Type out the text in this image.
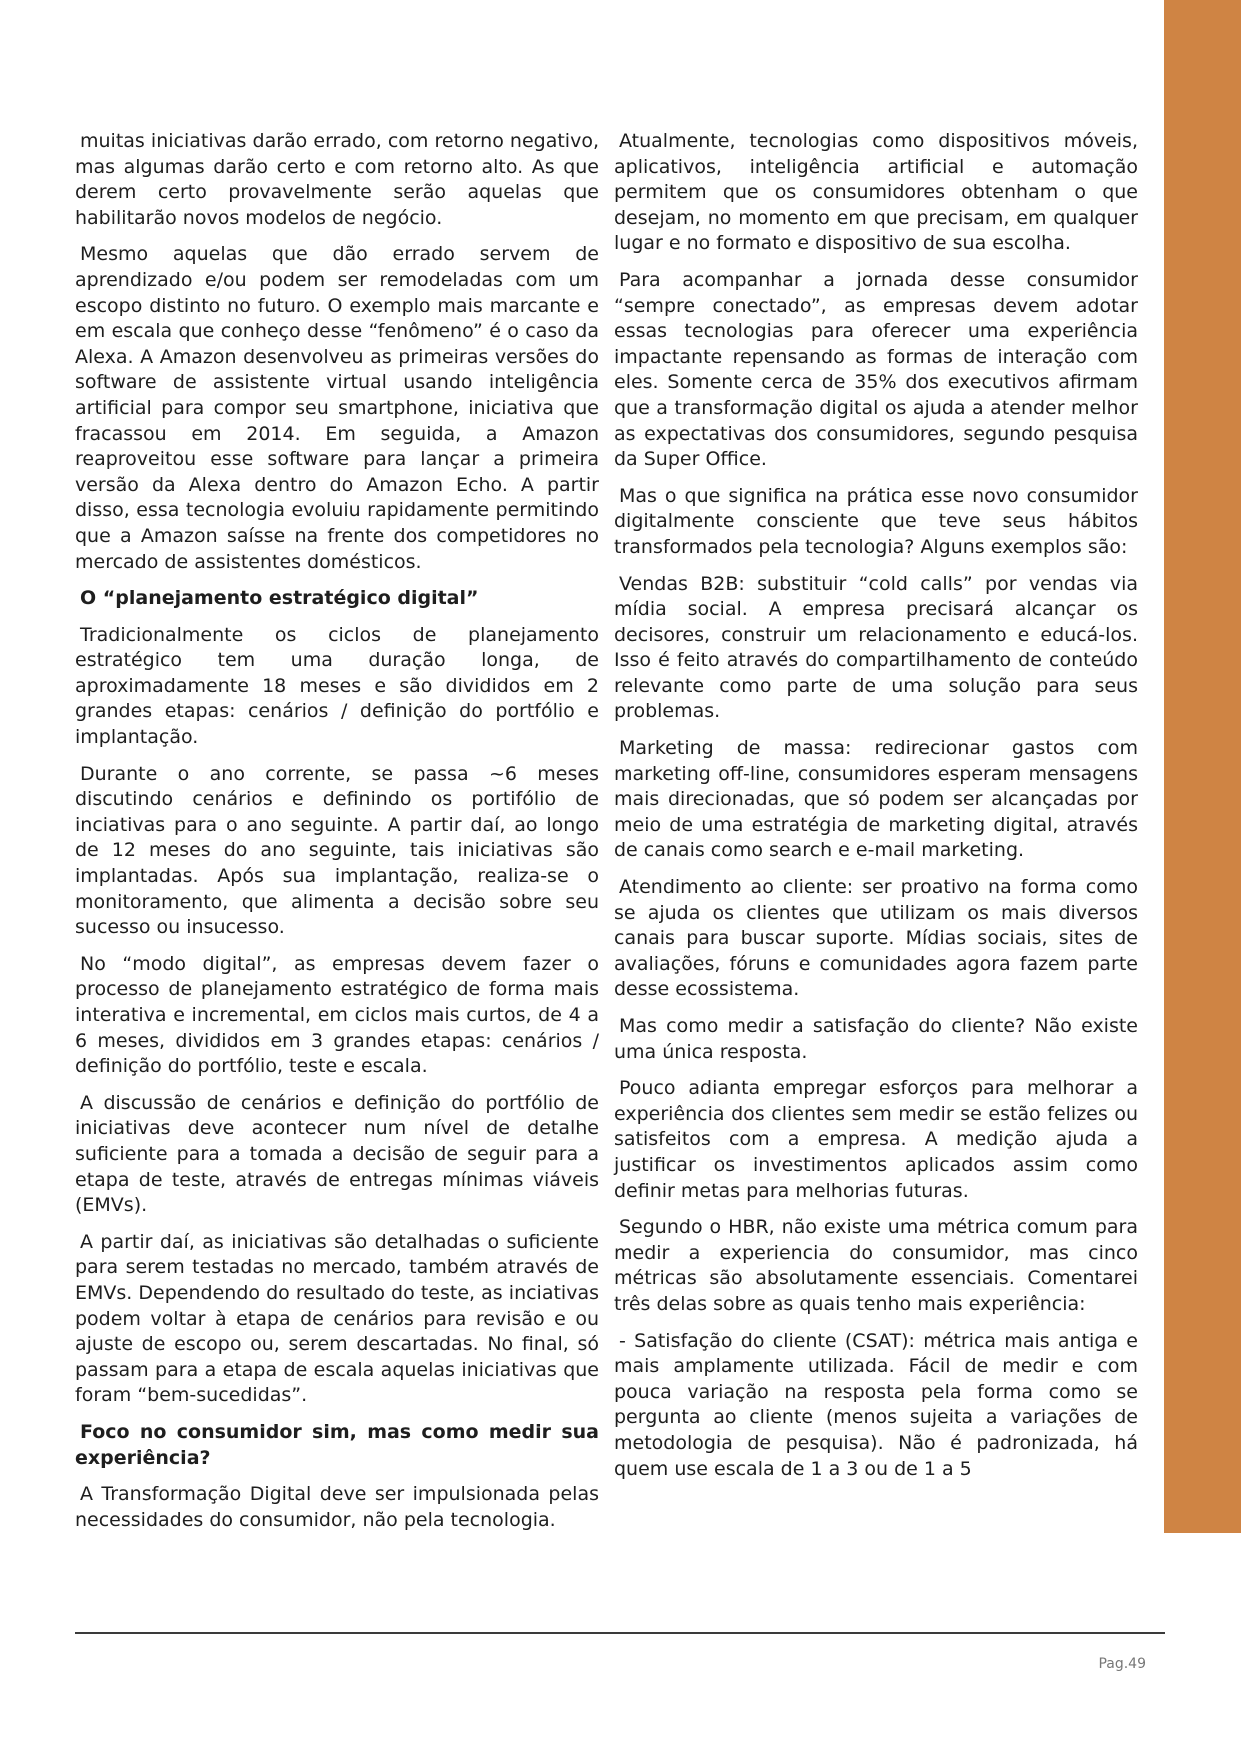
muitas iniciativas darão errado, com retorno negativo, mas algumas darão certo e com retorno alto. As que derem certo provavelmente serão aquelas que habilitarão novos modelos de negócio.

Mesmo aquelas que dão errado servem de aprendizado e/ou podem ser remodeladas com um escopo distinto no futuro. O exemplo mais marcante e em escala que conheço desse “fenômeno” é o caso da Alexa. A Amazon desenvolveu as primeiras versões do software de assistente virtual usando inteligência artificial para compor seu smartphone, iniciativa que fracassou em 2014. Em seguida, a Amazon reaproveitou esse software para lançar a primeira versão da Alexa dentro do Amazon Echo. A partir disso, essa tecnologia evoluiu rapidamente permitindo que a Amazon saísse na frente dos competidores no mercado de assistentes domésticos.

O “planejamento estratégico digital”

Tradicionalmente os ciclos de planejamento estratégico tem uma duração longa, de aproximadamente 18 meses e são divididos em 2 grandes etapas: cenários / definição do portfólio e implantação.

Durante o ano corrente, se passa ~6 meses discutindo cenários e definindo os portifólio de inciativas para o ano seguinte. A partir daí, ao longo de 12 meses do ano seguinte, tais iniciativas são implantadas. Após sua implantação, realiza-se o monitoramento, que alimenta a decisão sobre seu sucesso ou insucesso.

No “modo digital”, as empresas devem fazer o processo de planejamento estratégico de forma mais interativa e incremental, em ciclos mais curtos, de 4 a 6 meses, divididos em 3 grandes etapas: cenários / definição do portfólio, teste e escala.

A discussão de cenários e definição do portfólio de iniciativas deve acontecer num nível de detalhe suficiente para a tomada a decisão de seguir para a etapa de teste, através de entregas mínimas viáveis (EMVs).

A partir daí, as iniciativas são detalhadas o suficiente para serem testadas no mercado, também através de EMVs. Dependendo do resultado do teste, as inciativas podem voltar à etapa de cenários para revisão e ou ajuste de escopo ou, serem descartadas. No final, só passam para a etapa de escala aquelas iniciativas que foram “bem-sucedidas”.

Foco no consumidor sim, mas como medir sua experiência?

A Transformação Digital deve ser impulsionada pelas necessidades do consumidor, não pela tecnologia.

Atualmente, tecnologias como dispositivos móveis, aplicativos, inteligência artificial e automação permitem que os consumidores obtenham o que desejam, no momento em que precisam, em qualquer lugar e no formato e dispositivo de sua escolha.

Para acompanhar a jornada desse consumidor “sempre conectado”, as empresas devem adotar essas tecnologias para oferecer uma experiência impactante repensando as formas de interação com eles. Somente cerca de 35% dos executivos afirmam que a transformação digital os ajuda a atender melhor as expectativas dos consumidores, segundo pesquisa da Super Office.

Mas o que significa na prática esse novo consumidor digitalmente consciente que teve seus hábitos transformados pela tecnologia? Alguns exemplos são:

Vendas B2B: substituir “cold calls” por vendas via mídia social. A empresa precisará alcançar os decisores, construir um relacionamento e educá-los. Isso é feito através do compartilhamento de conteúdo relevante como parte de uma solução para seus problemas.

Marketing de massa: redirecionar gastos com marketing off-line, consumidores esperam mensagens mais direcionadas, que só podem ser alcançadas por meio de uma estratégia de marketing digital, através de canais como search e e-mail marketing.

Atendimento ao cliente: ser proativo na forma como se ajuda os clientes que utilizam os mais diversos canais para buscar suporte. Mídias sociais, sites de avaliações, fóruns e comunidades agora fazem parte desse ecossistema.

Mas como medir a satisfação do cliente? Não existe uma única resposta.

Pouco adianta empregar esforços para melhorar a experiência dos clientes sem medir se estão felizes ou satisfeitos com a empresa. A medição ajuda a justificar os investimentos aplicados assim como definir metas para melhorias futuras.

Segundo o HBR, não existe uma métrica comum para medir a experiencia do consumidor, mas cinco métricas são absolutamente essenciais. Comentarei três delas sobre as quais tenho mais experiência:

- Satisfação do cliente (CSAT): métrica mais antiga e mais amplamente utilizada. Fácil de medir e com pouca variação na resposta pela forma como se pergunta ao cliente (menos sujeita a variações de metodologia de pesquisa). Não é padronizada, há quem use escala de 1 a 3 ou de 1 a 5

Pag.49
